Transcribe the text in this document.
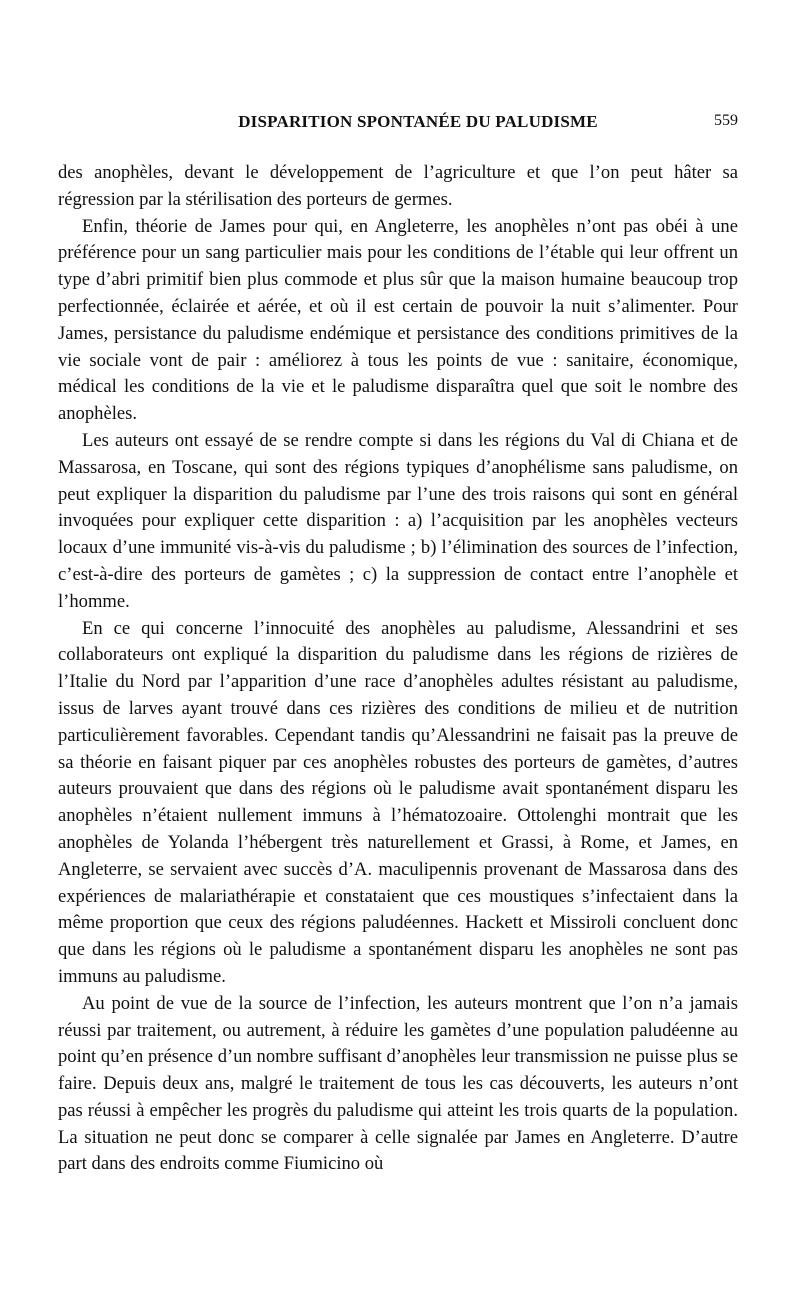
DISPARITION SPONTANÉE DU PALUDISME	559

des anophèles, devant le développement de l’agriculture et que l’on peut hâter sa régression par la stérilisation des porteurs de germes.

Enfin, théorie de James pour qui, en Angleterre, les anophèles n’ont pas obéi à une préférence pour un sang particulier mais pour les conditions de l’étable qui leur offrent un type d’abri primitif bien plus commode et plus sûr que la maison humaine beaucoup trop perfectionnée, éclairée et aérée, et où il est certain de pouvoir la nuit s’alimenter. Pour James, persistance du paludisme endémique et persistance des conditions primitives de la vie sociale vont de pair : améliorez à tous les points de vue : sanitaire, économique, médical les conditions de la vie et le paludisme disparaîtra quel que soit le nombre des anophèles.

Les auteurs ont essayé de se rendre compte si dans les régions du Val di Chiana et de Massarosa, en Toscane, qui sont des régions typiques d’anophélisme sans paludisme, on peut expliquer la disparition du paludisme par l’une des trois raisons qui sont en général invoquées pour expliquer cette disparition : a) l’acquisition par les anophèles vecteurs locaux d’une immunité vis-à-vis du paludisme ; b) l’élimination des sources de l’infection, c’est-à-dire des porteurs de gamètes ; c) la suppression de contact entre l’anophèle et l’homme.

En ce qui concerne l’innocuité des anophèles au paludisme, Alessandrini et ses collaborateurs ont expliqué la disparition du paludisme dans les régions de rizières de l’Italie du Nord par l’apparition d’une race d’anophèles adultes résistant au paludisme, issus de larves ayant trouvé dans ces rizières des conditions de milieu et de nutrition particulièrement favorables. Cependant tandis qu’Alessandrini ne faisait pas la preuve de sa théorie en faisant piquer par ces anophèles robustes des porteurs de gamètes, d’autres auteurs prouvaient que dans des régions où le paludisme avait spontanément disparu les anophèles n’étaient nullement immuns à l’hématozoaire. Ottolenghi montrait que les anophèles de Yolanda l’hébergent très naturellement et Grassi, à Rome, et James, en Angleterre, se servaient avec succès d’A. maculipennis provenant de Massarosa dans des expériences de malariathérapie et constataient que ces moustiques s’infectaient dans la même proportion que ceux des régions paludéennes. Hackett et Missiroli concluent donc que dans les régions où le paludisme a spontanément disparu les anophèles ne sont pas immuns au paludisme.

Au point de vue de la source de l’infection, les auteurs montrent que l’on n’a jamais réussi par traitement, ou autrement, à réduire les gamètes d’une population paludéenne au point qu’en présence d’un nombre suffisant d’anophèles leur transmission ne puisse plus se faire. Depuis deux ans, malgré le traitement de tous les cas découverts, les auteurs n’ont pas réussi à empêcher les progrès du paludisme qui atteint les trois quarts de la population. La situation ne peut donc se comparer à celle signalée par James en Angleterre. D’autre part dans des endroits comme Fiumicino où
